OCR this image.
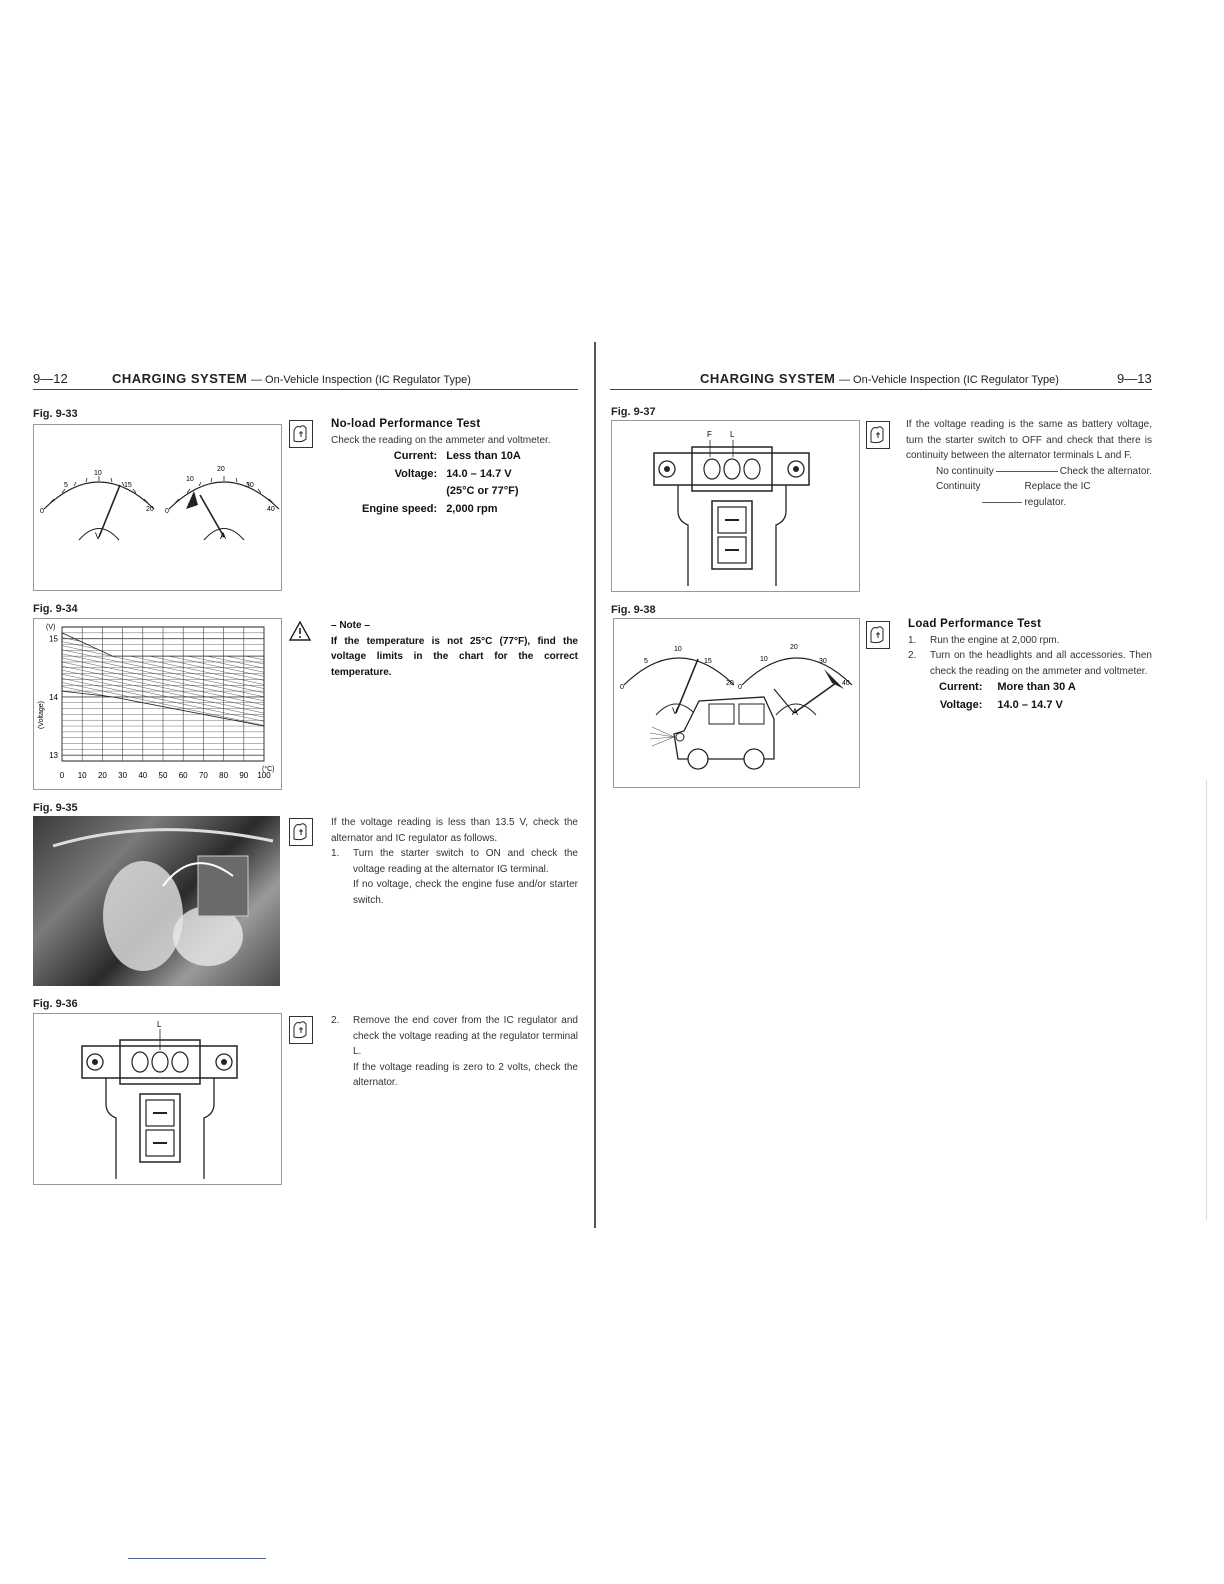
9—12	CHARGING SYSTEM — On-Vehicle Inspection (IC Regulator Type)
Fig. 9-33
0
5
10
15
20
V
0
10
20
30
40
A
No-load Performance Test
Check the reading on the ammeter and voltmeter.
Current:	Less than 10A
Voltage:	14.0 – 14.7 V
	(25°C or 77°F)
Engine speed:	2,000 rpm
Fig. 9-34
0 10 20 30 40 50 60 70 80 90 100
13
14
15
(V)
(Voltage)
(°C)
– Note –
If the temperature is not 25°C (77°F), find the voltage limits in the chart for the correct temperature.
Fig. 9-35
If the voltage reading is less than 13.5 V, check the alternator and IC regulator as follows.
1.	Turn the starter switch to ON and check the voltage reading at the alternator IG terminal.
If no voltage, check the engine fuse and/or starter switch.
Fig. 9-36
L	2.	Remove the end cover from the IC regulator and check the voltage reading at the regulator terminal L.
If the voltage reading is zero to 2 volts, check the alternator.
CHARGING SYSTEM — On-Vehicle Inspection (IC Regulator Type)	9—13
Fig. 9-37
F L
If the voltage reading is the same as battery voltage, turn the starter switch to OFF and check that there is continuity between the alternator terminals L and F.
No continuity	Check the alternator.
Continuity	Replace the IC regulator.
Fig. 9-38
0
5
10
15
20
V
0
10
20
30
40
A
Load Performance Test
1.	Run the engine at 2,000 rpm.
2.	Turn on the headlights and all accessories. Then check the reading on the ammeter and voltmeter.
Current:	More than 30 A
Voltage:	14.0 – 14.7 V
